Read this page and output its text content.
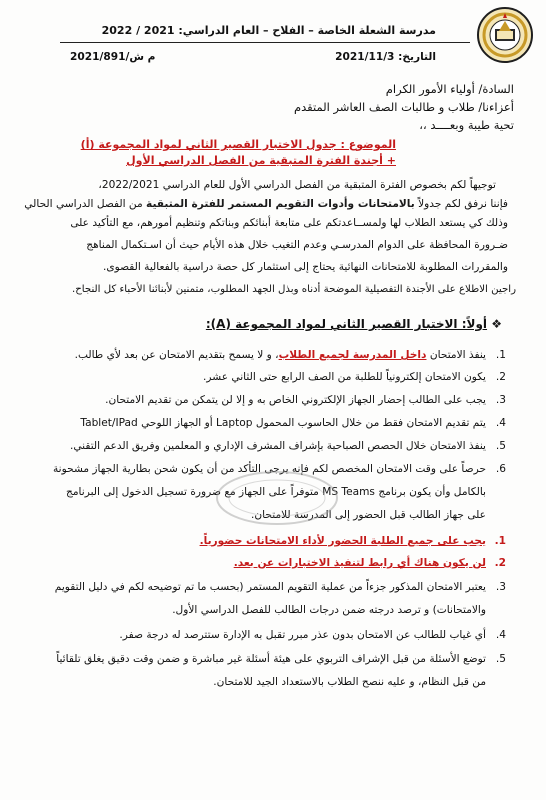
مدرسة الشعلة الخاصة – الفلاح – العام الدراسي: 2021 / 2022
التاريخ: 2021/11/3
م ش/2021/891
السادة/ أولياء الأمور الكرام
أعزاءنا/ طلاب و طالبات الصف العاشر المتقدم
تحية طيبة وبعــــد ،،
الموضوع : جدول الاختبار القصير الثاني لمواد المجموعة (أ)
+ أجندة الفترة المتبقية من الفصل الدراسي الأول
توجيهاً لكم بخصوص الفترة المتبقية من الفصل الدراسي الأول للعام الدراسي 2022/2021،
فإننا نرفق لكم جدولاً بالامتحانات وأدوات التقويم المستمر للفترة المتبقية من الفصل الدراسي الحالي
وذلك كي يستعد الطلاب لها ولمســاعدتكم على متابعة أبنائكم وبناتكم وتنظيم أمورهم، مع التأكيد على
ضـرورة المحافظة على الدوام المدرسـي وعدم التغيب خلال هذه الأيام حيث أن اسـتكمال المناهج
والمقررات المطلوبة للامتحانات النهائية يحتاج إلى استثمار كل حصة دراسية بالفعالية القصوى.
راجين الاطلاع على الأجندة التفصيلية الموضحة أدناه وبذل الجهد المطلوب، متمنين لأبنائنا الأحباء كل النجاح.
❖ أولاً: الاختبار القصير الثاني لمواد المجموعة (A):
1.
ينفذ الامتحان داخل المدرسة لجميع الطلاب، و لا يسمح بتقديم الامتحان عن بعد لأي طالب.
2.
يكون الامتحان إلكترونياً للطلبة من الصف الرابع حتى الثاني عشر.
3.
يجب على الطالب إحضار الجهاز الإلكتروني الخاص به و إلا لن يتمكن من تقديم الامتحان.
4.
يتم تقديم الامتحان فقط من خلال الحاسوب المحمول Laptop أو الجهاز اللوحي Tablet/IPad
5.
ينفذ الامتحان خلال الحصص الصباحية بإشراف المشرف الإداري و المعلمين وفريق الدعم التقني.
6.
حرصاً على وقت الامتحان المخصص لكم فإنه يرجى التأكد من أن يكون شحن بطارية الجهاز مشحونة
بالكامل وأن يكون برنامج MS Teams متوفراً على الجهاز مع ضرورة تسجيل الدخول إلى البرنامج
على جهاز الطالب قبل الحضور إلى المدرسة للامتحان.
1.
يجب على جميع الطلبة الحضور لأداء الامتحانات حضورياً.
2.
لن يكون هناك أي رابط لتنفيذ الاختبارات عن بعد.
3.
يعتبر الامتحان المذكور جزءاً من عملية التقويم المستمر (بحسب ما تم توضيحه لكم في دليل التقويم
والامتحانات) و ترصد درجته ضمن درجات الطالب للفصل الدراسي الأول.
4.
أي غياب للطالب عن الامتحان بدون عذر مبرر تقبل به الإدارة ستترصد له درجة صفر.
5.
توضع الأسئلة من قبل الإشراف التربوي على هيئة أسئلة غير مباشرة و ضمن وقت دقيق يغلق تلقائياً
من قبل النظام، و عليه ننصح الطلاب بالاستعداد الجيد للامتحان.
